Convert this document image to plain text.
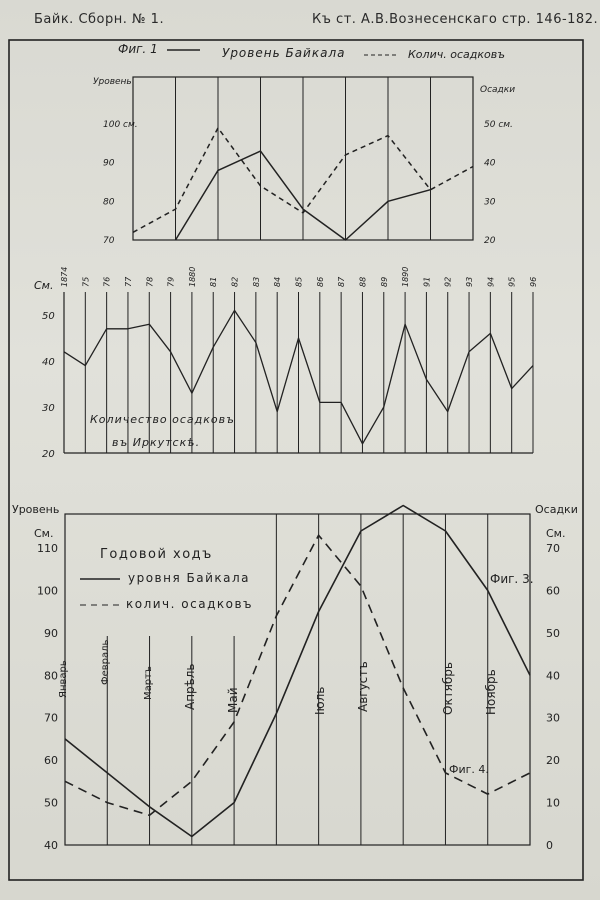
Байк. Сборн. № 1.	Къ ст. А.В.Вознесенскаго стр. 146-182.
Фиг. 1	Уровень Байкала	Колич. осадковъ
Уровень
Осадки
70
80
90
100 см.
20
30
40
50 см.
1874 75 76 77 78 79 1880 81 82 83 84 85 86 87 88 89 1890 91 92 93 94 95 96
См.
20
30
40
50
Количество осадковъ
въ Иркутскѣ.
Уровень
См.
Осадки
См.
40
50
60
70
80
90
100
110
0
10
20
30
40
50
60
70
Январь	Февраль	Мартъ Апрѣль Май	Іюль Августъ	Октябрь Ноябрь
Годовой ходъ
уровня Байкала
колич. осадковъ
Фиг. 3.
Фиг. 4.
